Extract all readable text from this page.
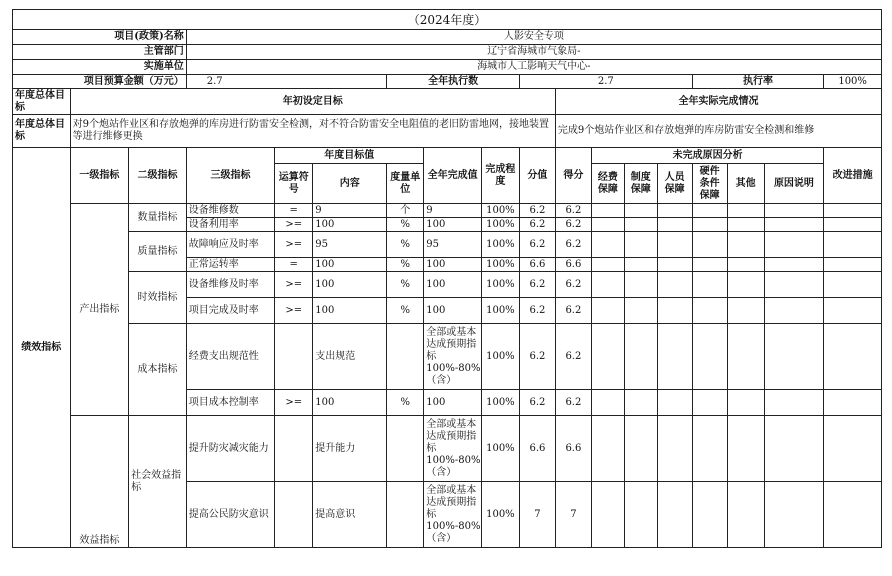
（2024年度）																	
项目(政策)名称			人影安全专项														
主管部门			辽宁省海城市气象局-														
实施单位			海城市人工影响天气中心-														
项目预算金额（万元）			2.7			全年执行数			2.7					执行率			100%
年度总体目标	年初设定目标									全年实际完成情况							
年度总体目标	对9个炮站作业区和存放炮弹的库房进行防雷安全检测，对不符合防雷安全电阻值的老旧防雷地网，接地装置等进行维修更换									完成9个炮站作业区和存放炮弹的库房防雷安全检测和维修							
绩效指标	一级指标	二级指标	三级指标	年度目标值			全年完成值	完成程度	分值	得分	未完成原因分析						改进措施
				运算符号	内容	度量单位					经费保障	制度保障	人员保障	硬件条件保障	其他	原因说明	
	产出指标	数量指标	设备维修数	=	9	个	9	100%	6.2	6.2							
			设备利用率	>=	100	%	100	100%	6.2	6.2							
		质量指标	故障响应及时率	>=	95	%	95	100%	6.2	6.2							
			正常运转率	=	100	%	100	100%	6.6	6.6							
		时效指标	设备维修及时率	>=	100	%	100	100%	6.2	6.2							
			项目完成及时率	>=	100	%	100	100%	6.2	6.2							
		成本指标	经费支出规范性		支出规范		全部或基本达成预期指标100%-80%（含）	100%	6.2	6.2							
			项目成本控制率	>=	100	%	100	100%	6.2	6.2							
	效益指标	社会效益指标	提升防灾减灾能力		提升能力		全部或基本达成预期指标100%-80%（含）	100%	6.6	6.6							
			提高公民防灾意识		提高意识		全部或基本达成预期指标100%-80%（含）	100%	7	7							
